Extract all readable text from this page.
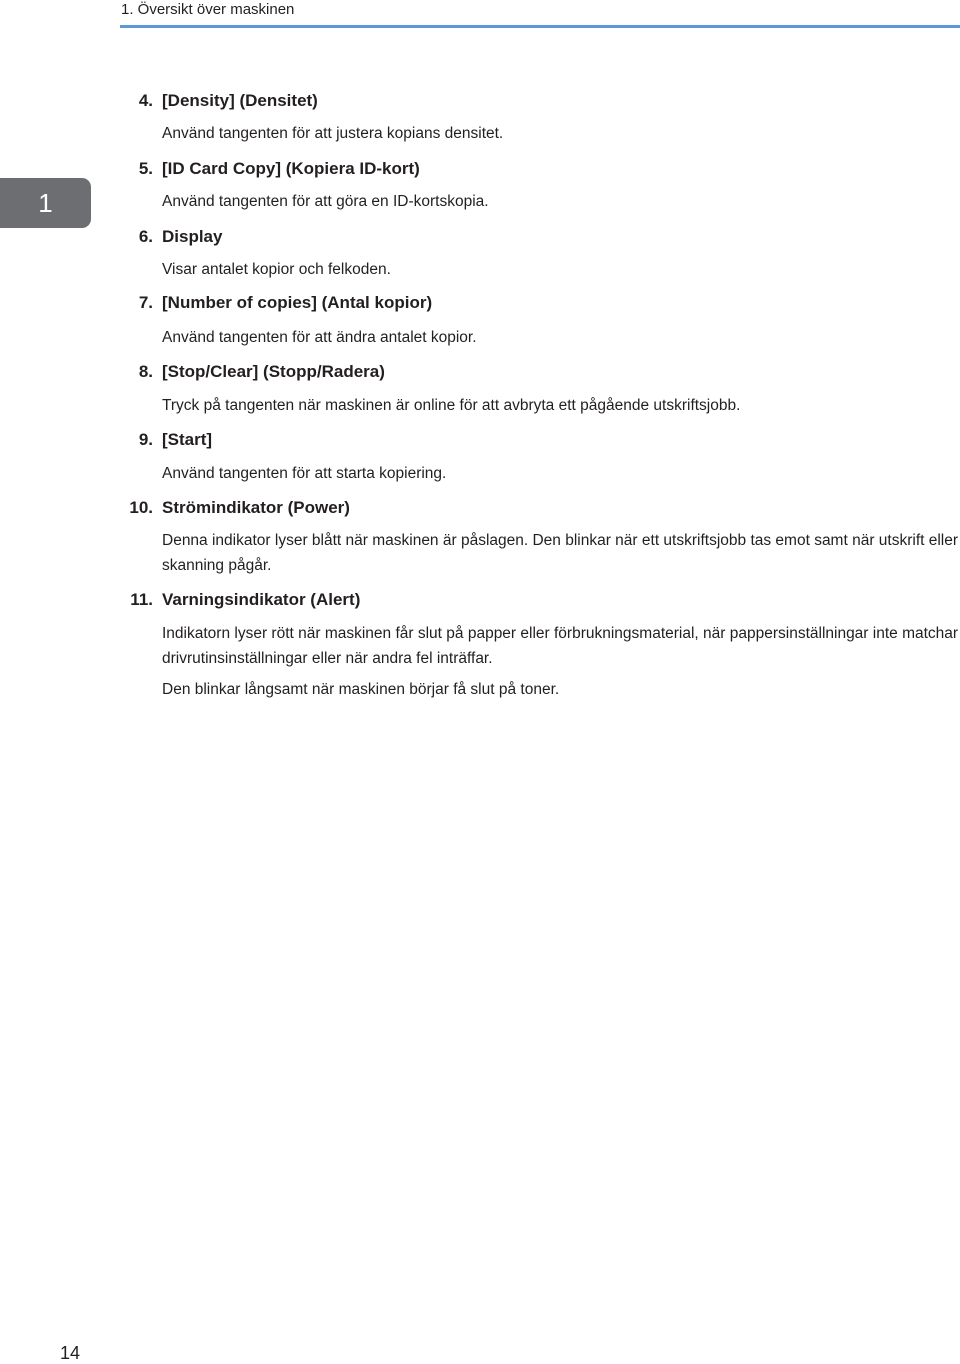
1. Översikt över maskinen
1
4. [Density] (Densitet)
Använd tangenten för att justera kopians densitet.
5. [ID Card Copy] (Kopiera ID-kort)
Använd tangenten för att göra en ID-kortskopia.
6. Display
Visar antalet kopior och felkoden.
7. [Number of copies] (Antal kopior)
Använd tangenten för att ändra antalet kopior.
8. [Stop/Clear] (Stopp/Radera)
Tryck på tangenten när maskinen är online för att avbryta ett pågående utskriftsjobb.
9. [Start]
Använd tangenten för att starta kopiering.
10. Strömindikator (Power)
Denna indikator lyser blått när maskinen är påslagen. Den blinkar när ett utskriftsjobb tas emot samt när utskrift eller skanning pågår.
11. Varningsindikator (Alert)
Indikatorn lyser rött när maskinen får slut på papper eller förbrukningsmaterial, när pappersinställningar inte matchar drivrutinsinställningar eller när andra fel inträffar.
Den blinkar långsamt när maskinen börjar få slut på toner.
14
